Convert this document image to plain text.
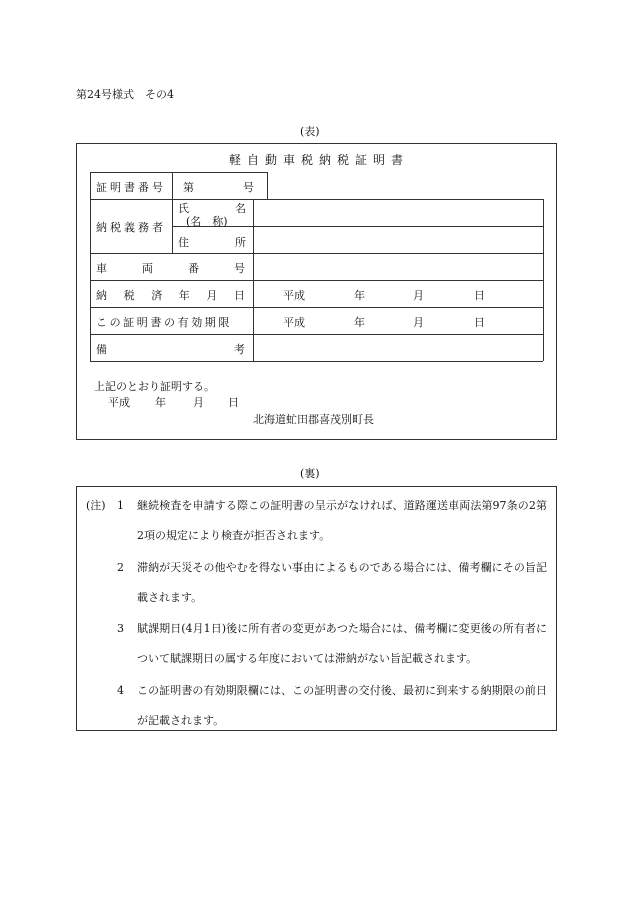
第24号様式　その4
(表)
軽自動車税納税証明書
証明書番号 第	号
納税義務者
氏	名
(名　称)
住	所
車	両	番	号
納 税 済 年 月 日	平成	年	月	日
この証明書の有効期限	平成	年	月	日
備	考
上記のとおり証明する。
平成 年 月 日
北海道虻田郡喜茂別町長
(裏)
(注) 1 継続検査を申請する際この証明書の呈示がなければ、道路運送車両法第97条の2第2項の規定により検査が拒否されます。
2 滞納が天災その他やむを得ない事由によるものである場合には、備考欄にその旨記載されます。
3 賦課期日(4月1日)後に所有者の変更があつた場合には、備考欄に変更後の所有者について賦課期日の属する年度においては滞納がない旨記載されます。
4 この証明書の有効期限欄には、この証明書の交付後、最初に到来する納期限の前日が記載されます。
